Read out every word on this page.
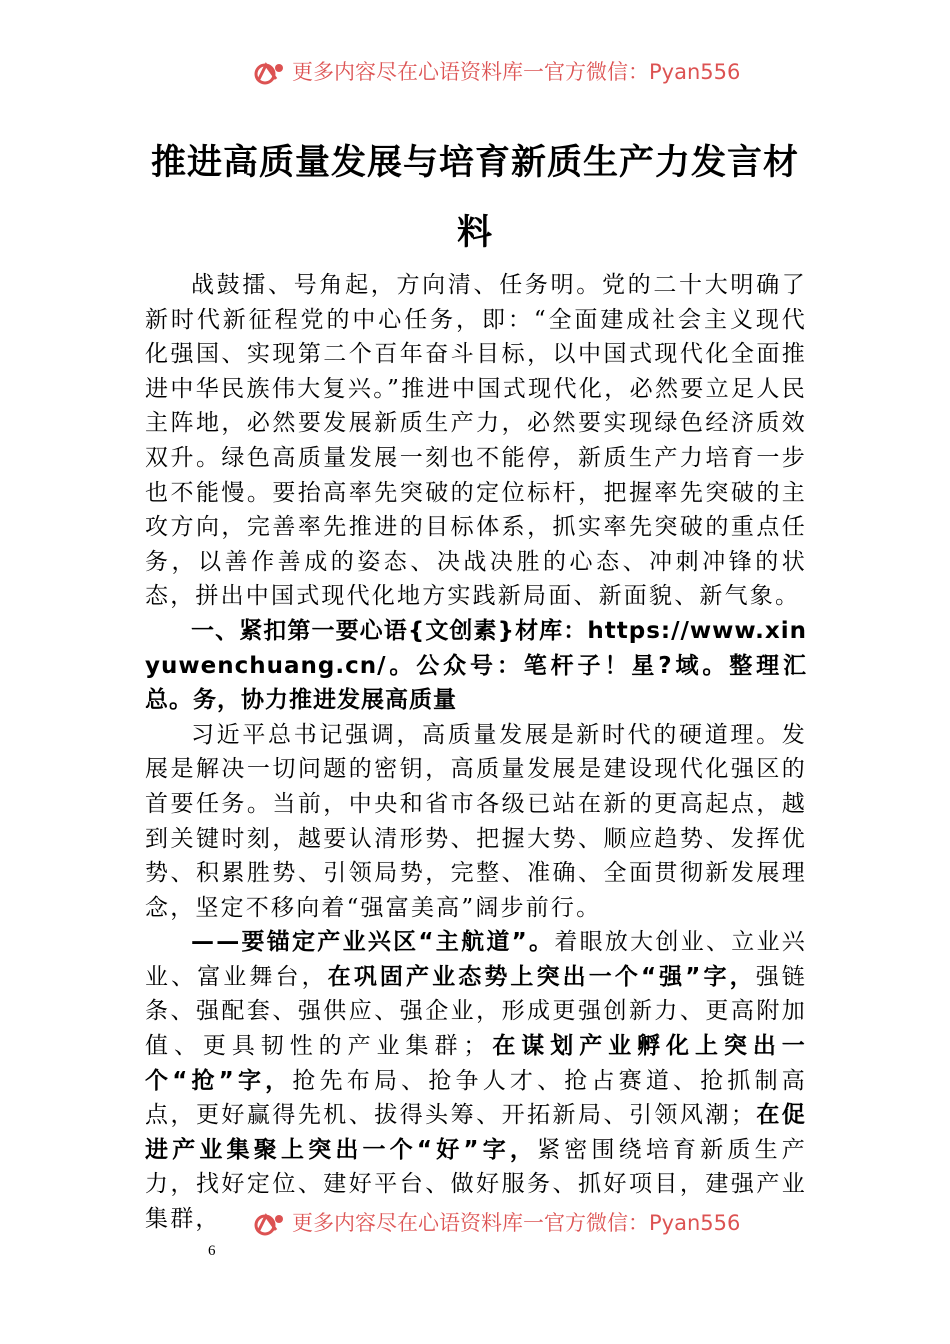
更多内容尽在心语资料库一官方微信：Pyan556
推进高质量发展与培育新质生产力发言材
料

战鼓擂、号角起，方向清、任务明。党的二十大明确了新时代新征程党的中心任务，即：“全面建成社会主义现代化强国、实现第二个百年奋斗目标，以中国式现代化全面推进中华民族伟大复兴。”推进中国式现代化，必然要立足人民主阵地，必然要发展新质生产力，必然要实现绿色经济质效双升。绿色高质量发展一刻也不能停，新质生产力培育一步也不能慢。要抬高率先突破的定位标杆，把握率先突破的主攻方向，完善率先推进的目标体系，抓实率先突破的重点任务，以善作善成的姿态、决战决胜的心态、冲刺冲锋的状态，拼出中国式现代化地方实践新局面、新面貌、新气象。

一、紧扣第一要心语{文创素}材库：https://www.xinyuwenchuang.cn/。公众号：笔杆子！星?域。整理汇总。务，协力推进发展高质量

习近平总书记强调，高质量发展是新时代的硬道理。发展是解决一切问题的密钥，高质量发展是建设现代化强区的首要任务。当前，中央和省市各级已站在新的更高起点，越到关键时刻，越要认清形势、把握大势、顺应趋势、发挥优势、积累胜势、引领局势，完整、准确、全面贯彻新发展理念，坚定不移向着“强富美高”阔步前行。

——要锚定产业兴区“主航道”。着眼放大创业、立业兴业、富业舞台，在巩固产业态势上突出一个“强”字，强链条、强配套、强供应、强企业，形成更强创新力、更高附加值、更具韧性的产业集群；在谋划产业孵化上突出一个“抢”字，抢先布局、抢争人才、抢占赛道、抢抓制高点，更好赢得先机、拔得头筹、开拓新局、引领风潮；在促进产业集聚上突出一个“好”字，紧密围绕培育新质生产力，找好定位、建好平台、做好服务、抓好项目，建强产业集群，	更多内容尽在心语资料库一官方微信：Pyan556
6
